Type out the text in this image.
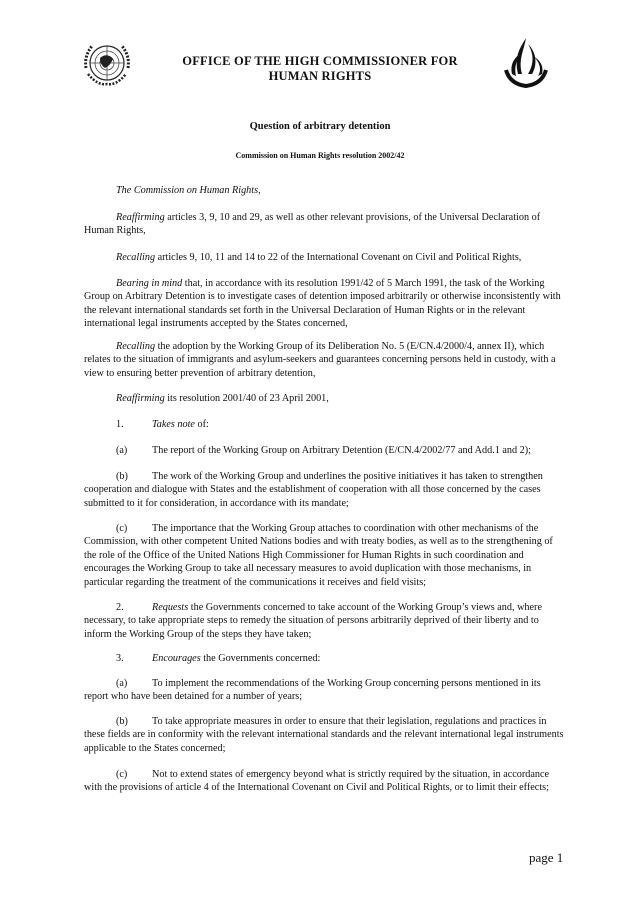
OFFICE OF THE HIGH COMMISSIONER FOR
HUMAN RIGHTS
Question of arbitrary detention
Commission on Human Rights resolution 2002/42
The Commission on Human Rights,
Reaffirming articles 3, 9, 10 and 29, as well as other relevant provisions, of the Universal Declaration of Human Rights,
Recalling articles 9, 10, 11 and 14 to 22 of the International Covenant on Civil and Political Rights,
Bearing in mind that, in accordance with its resolution 1991/42 of 5 March 1991, the task of the Working Group on Arbitrary Detention is to investigate cases of detention imposed arbitrarily or otherwise inconsistently with the relevant international standards set forth in the Universal Declaration of Human Rights or in the relevant international legal instruments accepted by the States concerned,
Recalling the adoption by the Working Group of its Deliberation No. 5 (E/CN.4/2000/4, annex II), which relates to the situation of immigrants and asylum-seekers and guarantees concerning persons held in custody, with a view to ensuring better prevention of arbitrary detention,
Reaffirming its resolution 2001/40 of 23 April 2001,
1.	Takes note of:
(a) The report of the Working Group on Arbitrary Detention (E/CN.4/2002/77 and Add.1 and 2);
(b) The work of the Working Group and underlines the positive initiatives it has taken to strengthen cooperation and dialogue with States and the establishment of cooperation with all those concerned by the cases submitted to it for consideration, in accordance with its mandate;
(c) The importance that the Working Group attaches to coordination with other mechanisms of the Commission, with other competent United Nations bodies and with treaty bodies, as well as to the strengthening of the role of the Office of the United Nations High Commissioner for Human Rights in such coordination and encourages the Working Group to take all necessary measures to avoid duplication with those mechanisms, in particular regarding the treatment of the communications it receives and field visits;
2.	Requests the Governments concerned to take account of the Working Group’s views and, where necessary, to take appropriate steps to remedy the situation of persons arbitrarily deprived of their liberty and to inform the Working Group of the steps they have taken;
3.	Encourages the Governments concerned:
(a) To implement the recommendations of the Working Group concerning persons mentioned in its report who have been detained for a number of years;
(b) To take appropriate measures in order to ensure that their legislation, regulations and practices in these fields are in conformity with the relevant international standards and the relevant international legal instruments applicable to the States concerned;
(c) Not to extend states of emergency beyond what is strictly required by the situation, in accordance with the provisions of article 4 of the International Covenant on Civil and Political Rights, or to limit their effects;
page 1
